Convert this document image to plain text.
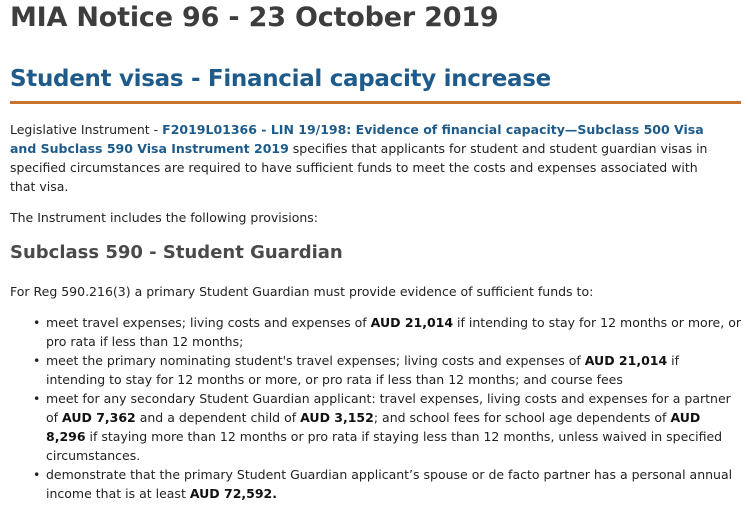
MIA Notice 96 - 23 October 2019
Student visas - Financial capacity increase

Legislative Instrument - F2019L01366 - LIN 19/198: Evidence of financial capacity—Subclass 500 Visa and Subclass 590 Visa Instrument 2019 specifies that applicants for student and student guardian visas in specified circumstances are required to have sufficient funds to meet the costs and expenses associated with that visa.

The Instrument includes the following provisions:

Subclass 590 - Student Guardian

For Reg 590.216(3) a primary Student Guardian must provide evidence of sufficient funds to:

• meet travel expenses; living costs and expenses of AUD 21,014 if intending to stay for 12 months or more, or pro rata if less than 12 months;
• meet the primary nominating student's travel expenses; living costs and expenses of AUD 21,014 if intending to stay for 12 months or more, or pro rata if less than 12 months; and course fees
• meet for any secondary Student Guardian applicant: travel expenses, living costs and expenses for a partner of AUD 7,362 and a dependent child of AUD 3,152; and school fees for school age dependents of AUD 8,296 if staying more than 12 months or pro rata if staying less than 12 months, unless waived in specified circumstances.
• demonstrate that the primary Student Guardian applicant’s spouse or de facto partner has a personal annual income that is at least AUD 72,592.
